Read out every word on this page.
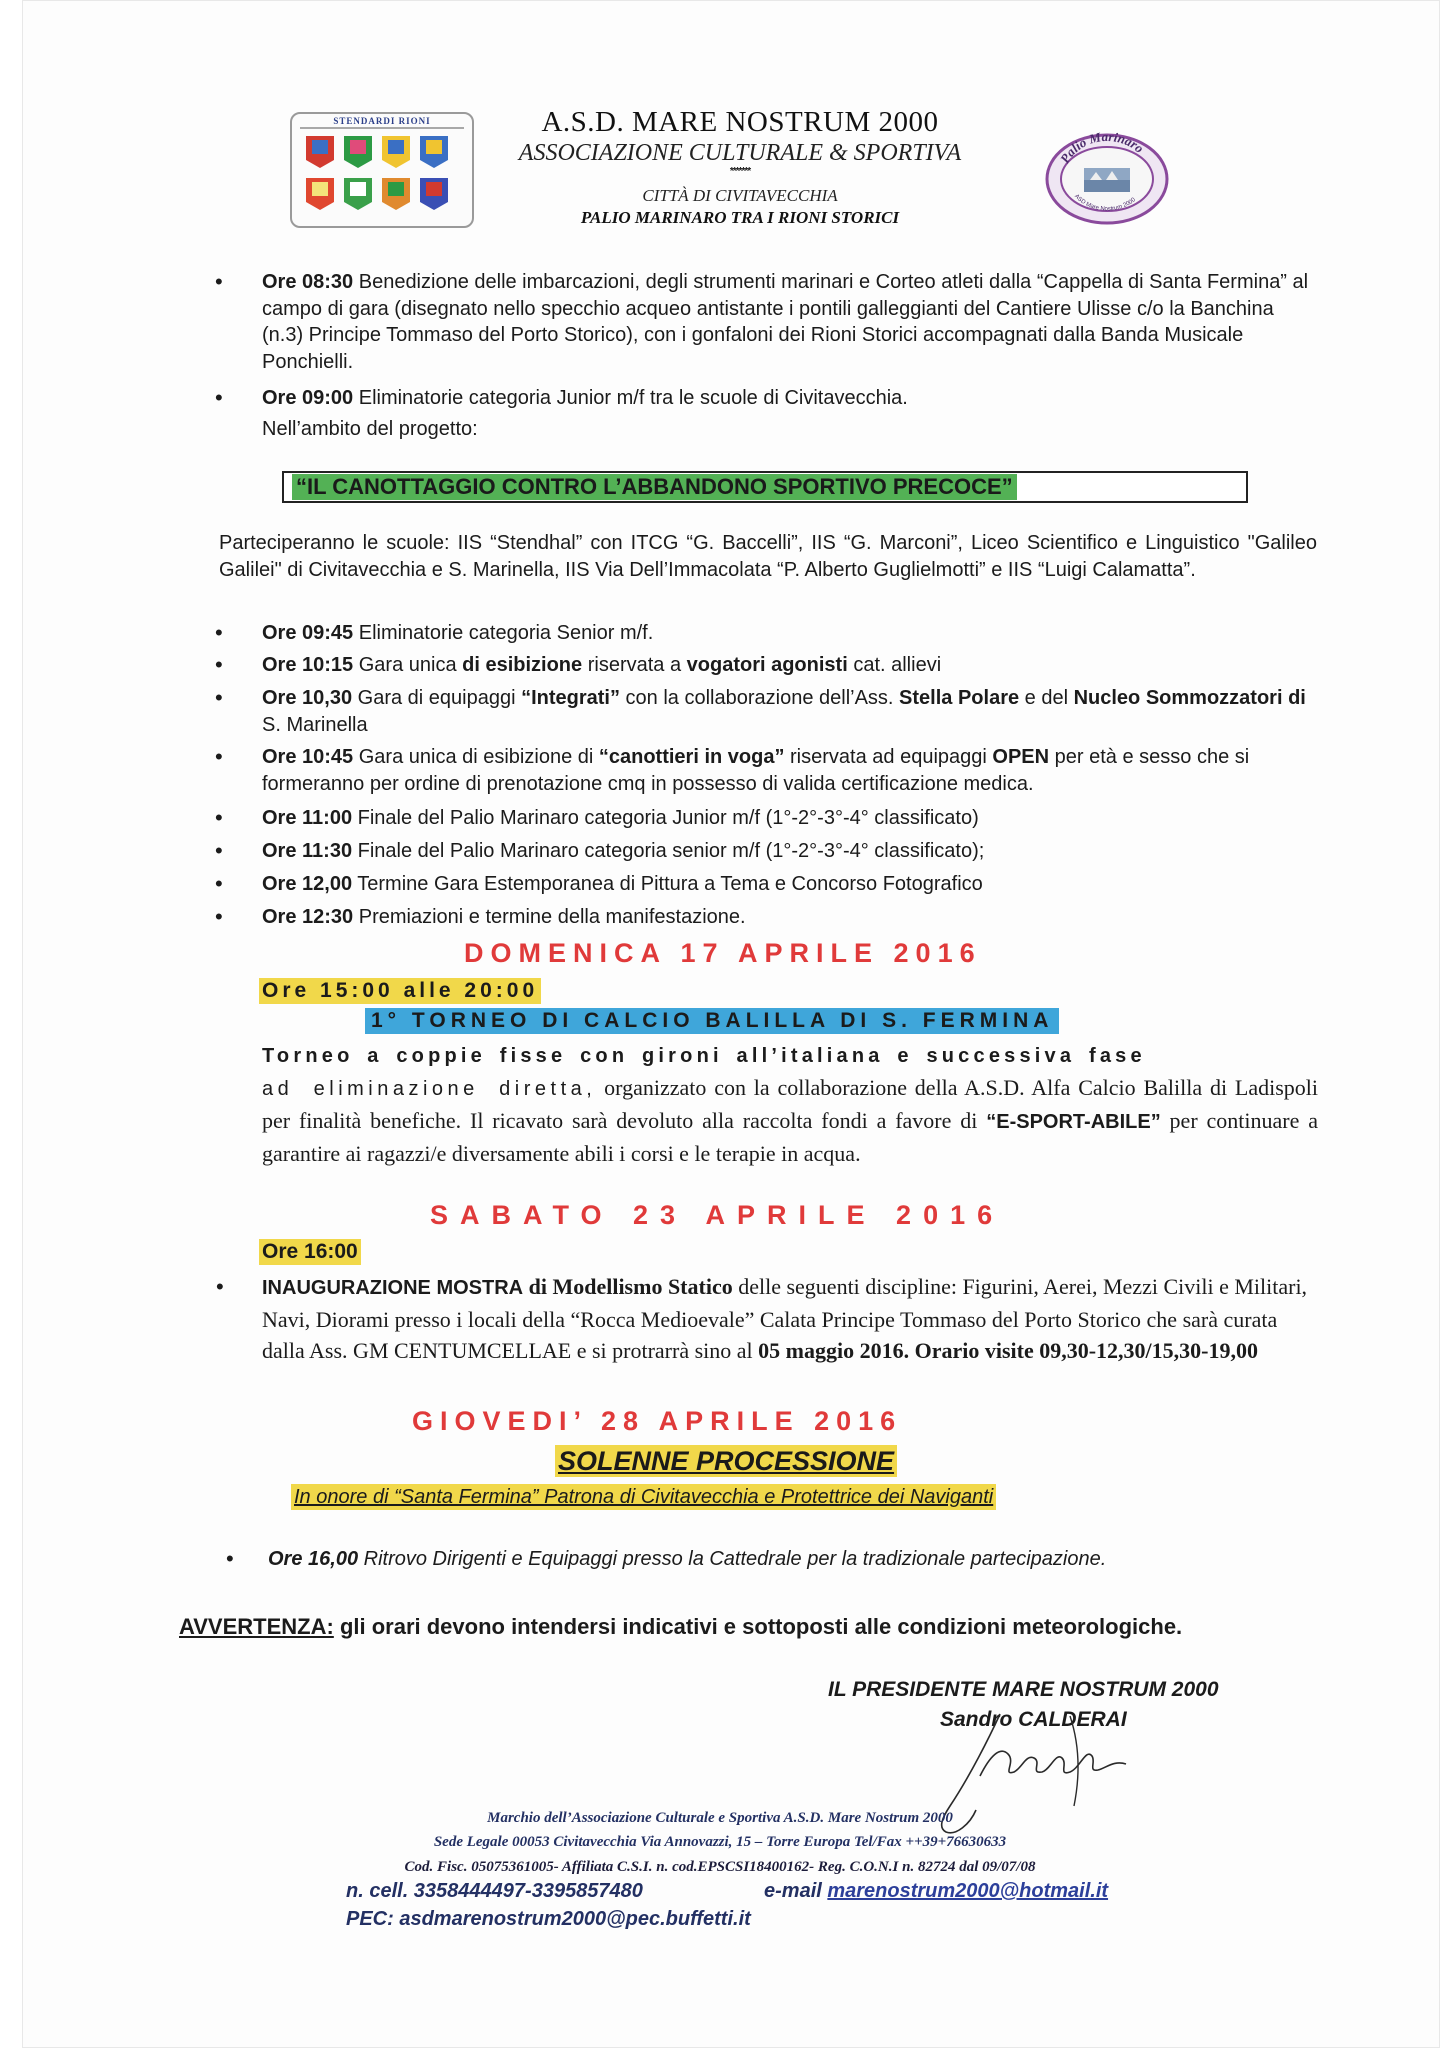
STENDARDI RIONI	A.S.D. MARE NOSTRUM 2000
ASSOCIAZIONE CULTURALE & SPORTIVA
*******
CITTÀ DI CIVITAVECCHIA
PALIO MARINARO TRA I RIONI STORICI
Palio Marinaro
ASD Mare Nostrum 2000
• Ore 08:30 Benedizione delle imbarcazioni, degli strumenti marinari e Corteo atleti dalla “Cappella di Santa Fermina” al campo di gara (disegnato nello specchio acqueo antistante i pontili galleggianti del Cantiere Ulisse c/o la Banchina (n.3) Principe Tommaso del Porto Storico), con i gonfaloni dei Rioni Storici accompagnati dalla Banda Musicale Ponchielli.
• Ore 09:00 Eliminatorie categoria Junior m/f tra le scuole di Civitavecchia.
Nell’ambito del progetto:
“IL CANOTTAGGIO CONTRO L’ABBANDONO SPORTIVO PRECOCE”
Parteciperanno le scuole: IIS “Stendhal” con ITCG “G. Baccelli”, IIS “G. Marconi”, Liceo Scientifico e Linguistico "Galileo Galilei" di Civitavecchia e S. Marinella, IIS Via Dell’Immacolata “P. Alberto Guglielmotti” e IIS “Luigi Calamatta”.
• Ore 09:45 Eliminatorie categoria Senior m/f.
• Ore 10:15 Gara unica di esibizione riservata a vogatori agonisti cat. allievi
• Ore 10,30 Gara di equipaggi “Integrati” con la collaborazione dell’Ass. Stella Polare e del Nucleo Sommozzatori di S. Marinella
• Ore 10:45 Gara unica di esibizione di “canottieri in voga” riservata ad equipaggi OPEN per età e sesso che si formeranno per ordine di prenotazione cmq in possesso di valida certificazione medica.
• Ore 11:00 Finale del Palio Marinaro categoria Junior m/f (1°-2°-3°-4° classificato)
• Ore 11:30 Finale del Palio Marinaro categoria senior m/f (1°-2°-3°-4° classificato);
• Ore 12,00 Termine Gara Estemporanea di Pittura a Tema e Concorso Fotografico
• Ore 12:30 Premiazioni e termine della manifestazione.
DOMENICA 17 APRILE 2016
Ore 15:00 alle 20:00
1° TORNEO DI CALCIO BALILLA DI S. FERMINA
Torneo a coppie fisse con gironi all’italiana e successiva fase
ad eliminazione diretta, organizzato con la collaborazione della A.S.D. Alfa Calcio Balilla di Ladispoli per finalità benefiche. Il ricavato sarà devoluto alla raccolta fondi a favore di “E-SPORT-ABILE” per continuare a garantire ai ragazzi/e diversamente abili i corsi e le terapie in acqua.
SABATO 23 APRILE 2016
Ore 16:00
• INAUGURAZIONE MOSTRA di Modellismo Statico delle seguenti discipline: Figurini, Aerei, Mezzi Civili e Militari, Navi, Diorami presso i locali della “Rocca Medioevale” Calata Principe Tommaso del Porto Storico che sarà curata dalla Ass. GM CENTUMCELLAE e si protrarrà sino al 05 maggio 2016. Orario visite 09,30-12,30/15,30-19,00
GIOVEDI’ 28 APRILE 2016
SOLENNE PROCESSIONE
In onore di “Santa Fermina” Patrona di Civitavecchia e Protettrice dei Naviganti
• Ore 16,00 Ritrovo Dirigenti e Equipaggi presso la Cattedrale per la tradizionale partecipazione.
AVVERTENZA: gli orari devono intendersi indicativi e sottoposti alle condizioni meteorologiche.
IL PRESIDENTE MARE NOSTRUM 2000
Sandro CALDERAI
Marchio dell’Associazione Culturale e Sportiva A.S.D. Mare Nostrum 2000
Sede Legale 00053 Civitavecchia Via Annovazzi, 15 – Torre Europa Tel/Fax ++39+76630633
Cod. Fisc. 05075361005- Affiliata C.S.I. n. cod.EPSCSI18400162- Reg. C.O.N.I n. 82724 dal 09/07/08
n. cell. 3358444497-3395857480	e-mail marenostrum2000@hotmail.it
PEC: asdmarenostrum2000@pec.buffetti.it
